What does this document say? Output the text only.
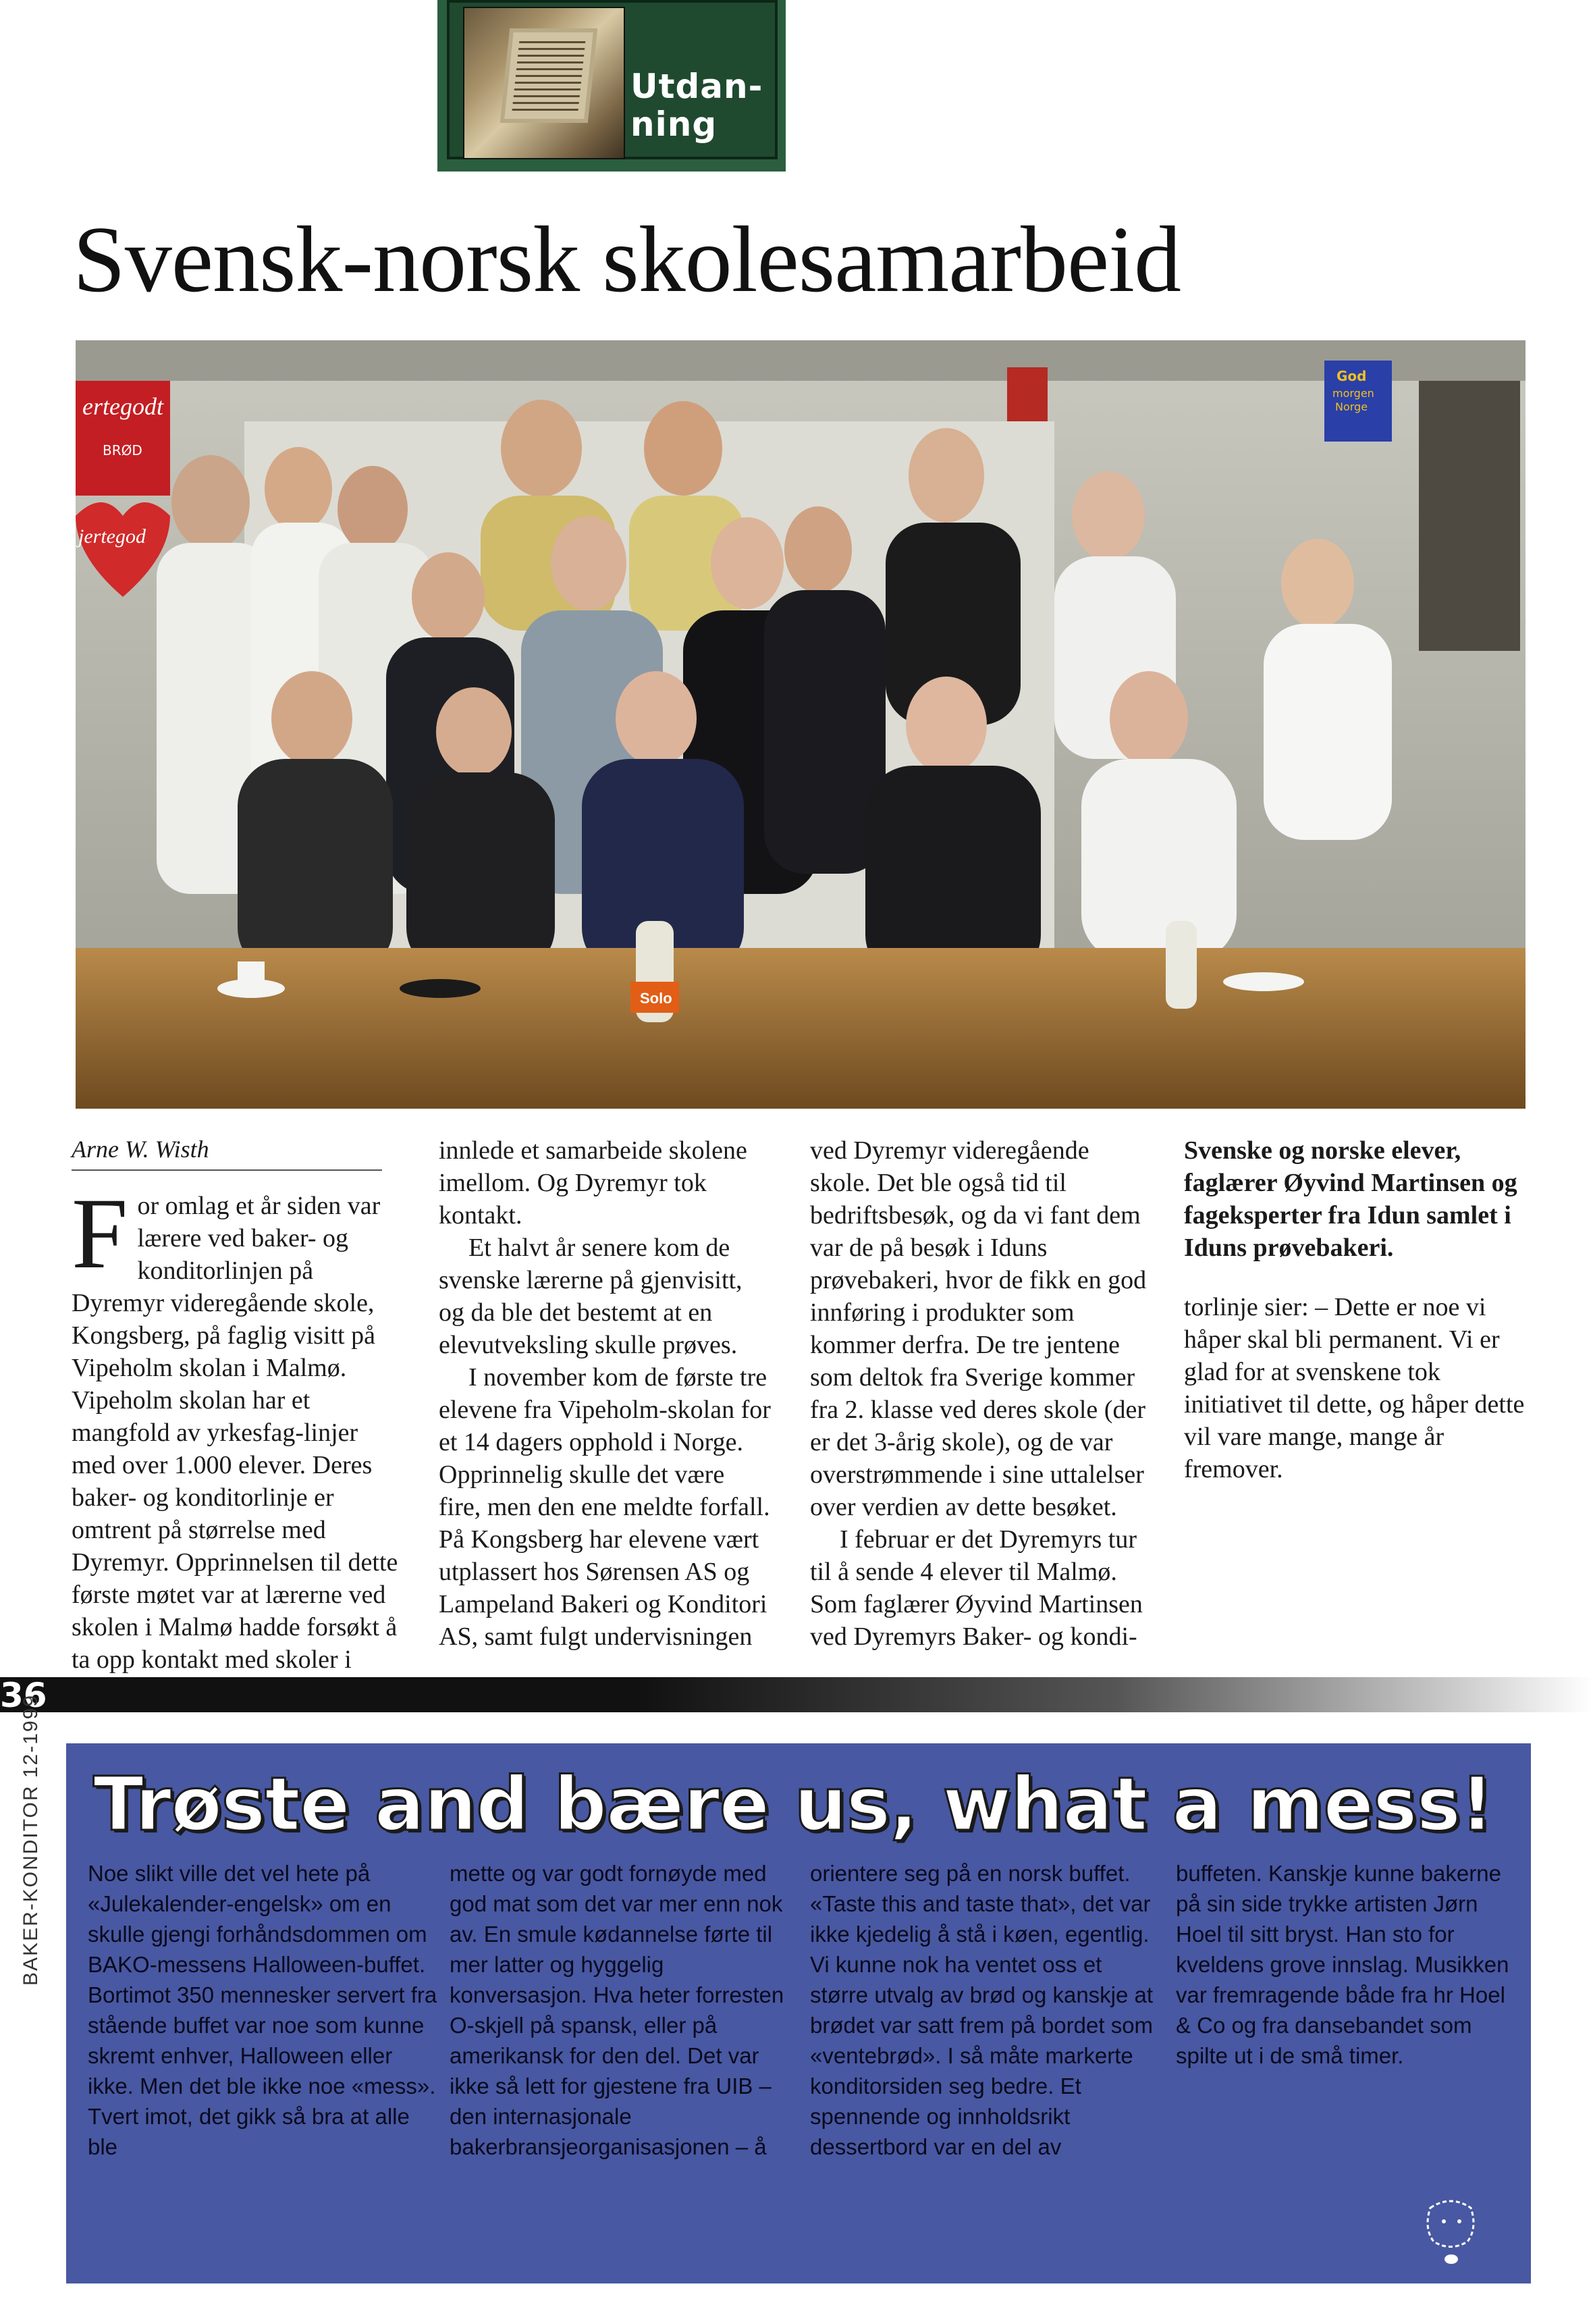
Utdan-
ning
Svensk-norsk skolesamarbeid
ertegodt
BRØD
jertegod
God
morgen
Norge
Solo
Arne W. Wisth

For omlag et år siden var lærere ved baker- og konditorlinjen på Dyremyr videregående skole, Kongsberg, på faglig visitt på Vipeholm skolan i Malmø. Vipeholm skolan har et mangfold av yrkesfag-linjer med over 1.000 elever. Deres baker- og konditorlinje er omtrent på størrelse med Dyremyr. Opprinnelsen til dette første møtet var at lærerne ved skolen i Malmø hadde forsøkt å ta opp kontakt med skoler i

innlede et samarbeide skolene imellom. Og Dyremyr tok kontakt.

Et halvt år senere kom de svenske lærerne på gjenvisitt, og da ble det bestemt at en elevutveksling skulle prøves.

I november kom de første tre elevene fra Vipeholm-skolan for et 14 dagers opphold i Norge. Opprinnelig skulle det være fire, men den ene meldte forfall. På Kongsberg har elevene vært utplassert hos Sørensen AS og Lampeland Bakeri og Konditori AS, samt fulgt undervisningen

ved Dyremyr videregående skole. Det ble også tid til bedriftsbesøk, og da vi fant dem var de på besøk i Iduns prøvebakeri, hvor de fikk en god innføring i produkter som kommer derfra. De tre jentene som deltok fra Sverige kommer fra 2. klasse ved deres skole (der er det 3-årig skole), og de var overstrømmende i sine uttalelser over verdien av dette besøket.

I februar er det Dyremyrs tur til å sende 4 elever til Malmø. Som faglærer Øyvind Martinsen ved Dyremyrs Baker- og kondi-

Svenske og norske elever, faglærer Øyvind Martinsen og fageksperter fra Idun samlet i Iduns prøvebakeri.

torlinje sier: – Dette er noe vi håper skal bli permanent. Vi er glad for at svenskene tok initiativet til dette, og håper dette vil vare mange, mange år fremover.

36
BAKER-KONDITOR 12-1999 Trøste and bære us, what a mess!
Noe slikt ville det vel hete på «Julekalender-engelsk» om en skulle gjengi forhåndsdommen om BAKO-messens Halloween-buffet. Bortimot 350 mennesker servert fra stående buffet var noe som kunne skremt enhver, Halloween eller ikke. Men det ble ikke noe «mess». Tvert imot, det gikk så bra at alle ble
mette og var godt fornøyde med god mat som det var mer enn nok av. En smule kødannelse førte til mer latter og hyggelig konversasjon. Hva heter forresten O-skjell på spansk, eller på amerikansk for den del. Det var ikke så lett for gjestene fra UIB – den internasjonale bakerbransjeorganisasjonen – å
orientere seg på en norsk buffet. «Taste this and taste that», det var ikke kjedelig å stå i køen, egentlig. Vi kunne nok ha ventet oss et større utvalg av brød og kanskje at brødet var satt frem på bordet som «ventebrød». I så måte markerte konditorsiden seg bedre. Et spennende og innholdsrikt dessertbord var en del av
buffeten. Kanskje kunne bakerne på sin side trykke artisten Jørn Hoel til sitt bryst. Han sto for kveldens grove innslag. Musikken var fremragende både fra hr Hoel & Co og fra dansebandet som spilte ut i de små timer.
